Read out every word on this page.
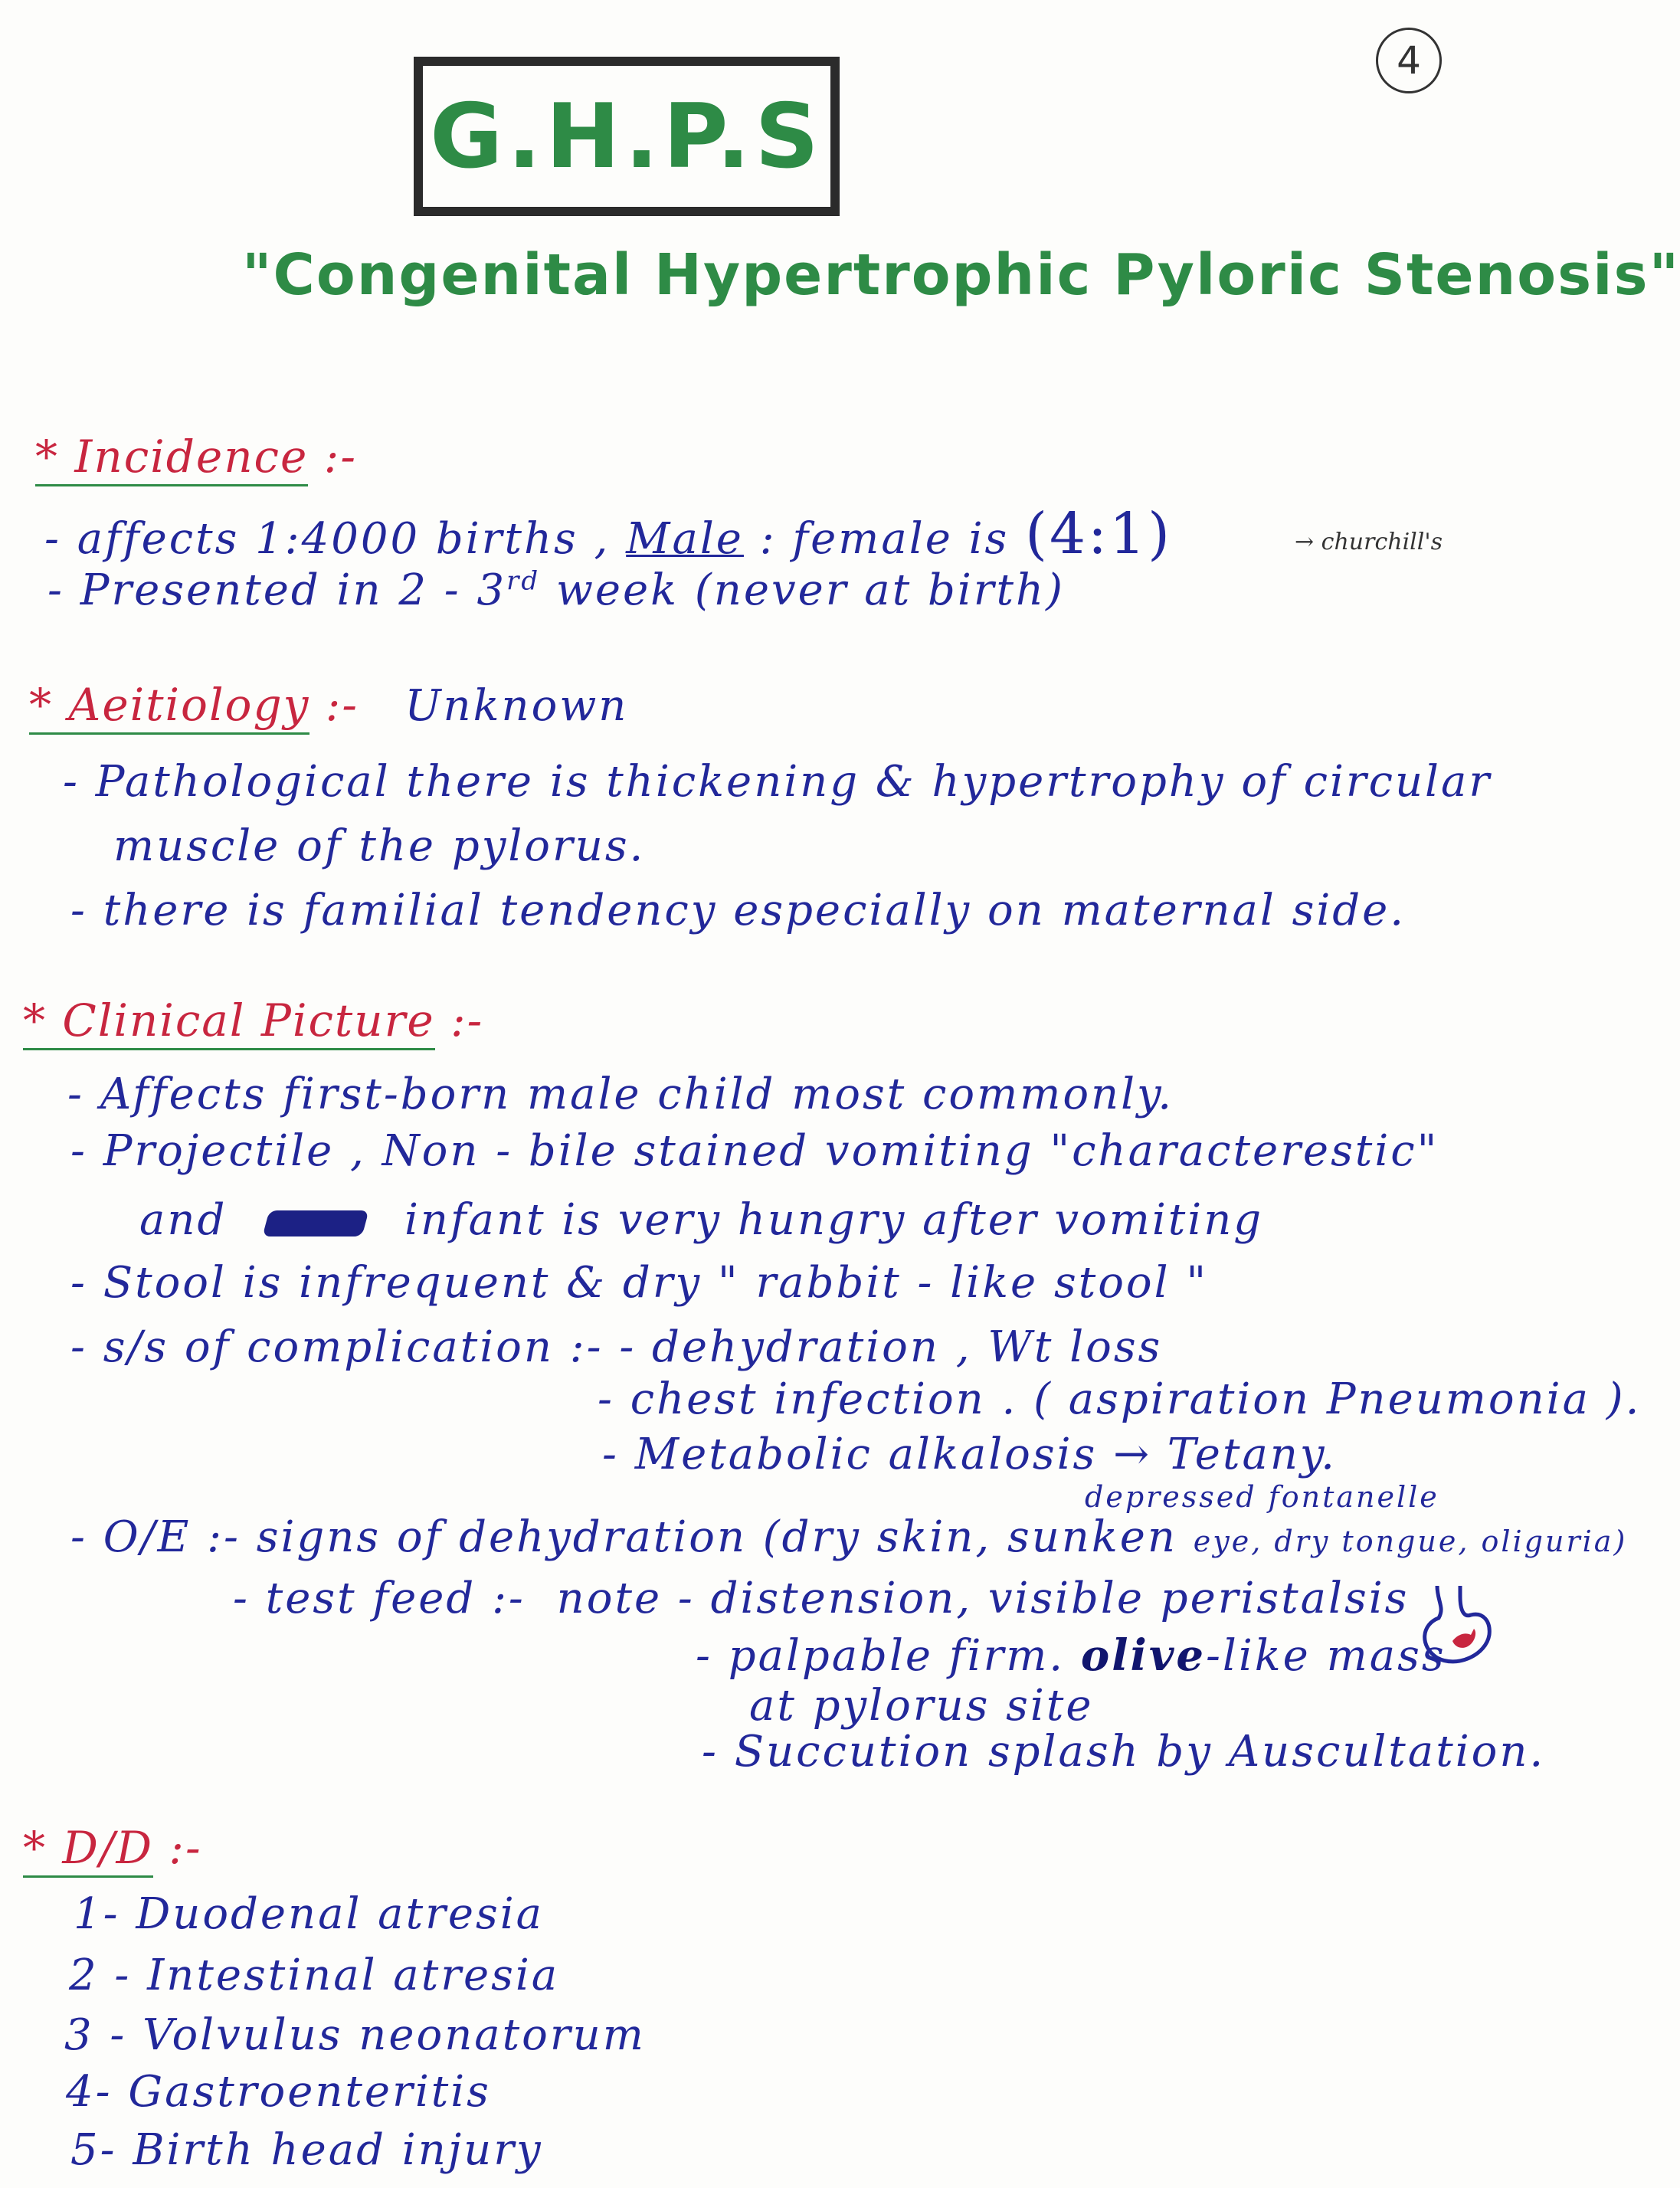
4
G.H.P.S
"Congenital Hypertrophic Pyloric Stenosis"
* Incidence :-
- affects 1:4000 births , Male : female is (4:1)	→ churchill's
- Presented in 2 - 3rd week (never at birth)
* Aeitiology :- Unknown
- Pathological there is thickening & hypertrophy of circular
muscle of the pylorus.
- there is familial tendency especially on maternal side.
* Clinical Picture :-
- Affects first-born male child most commonly.
- Projectile , Non - bile stained vomiting "characterestic"
and	infant is very hungry after vomiting
- Stool is infrequent & dry " rabbit - like stool "
- s/s of complication :- - dehydration , Wt loss
- chest infection . ( aspiration Pneumonia ).
- Metabolic alkalosis → Tetany.
depressed fontanelle
- O/E :- signs of dehydration (dry skin, sunken eye, dry tongue, oliguria)
- test feed :- note - distension, visible peristalsis
- palpable firm. olive-like mass
at pylorus site
- Succution splash by Auscultation.
* D/D :-
1- Duodenal atresia
2 - Intestinal atresia
3 - Volvulus neonatorum
4- Gastroenteritis
5- Birth head injury
